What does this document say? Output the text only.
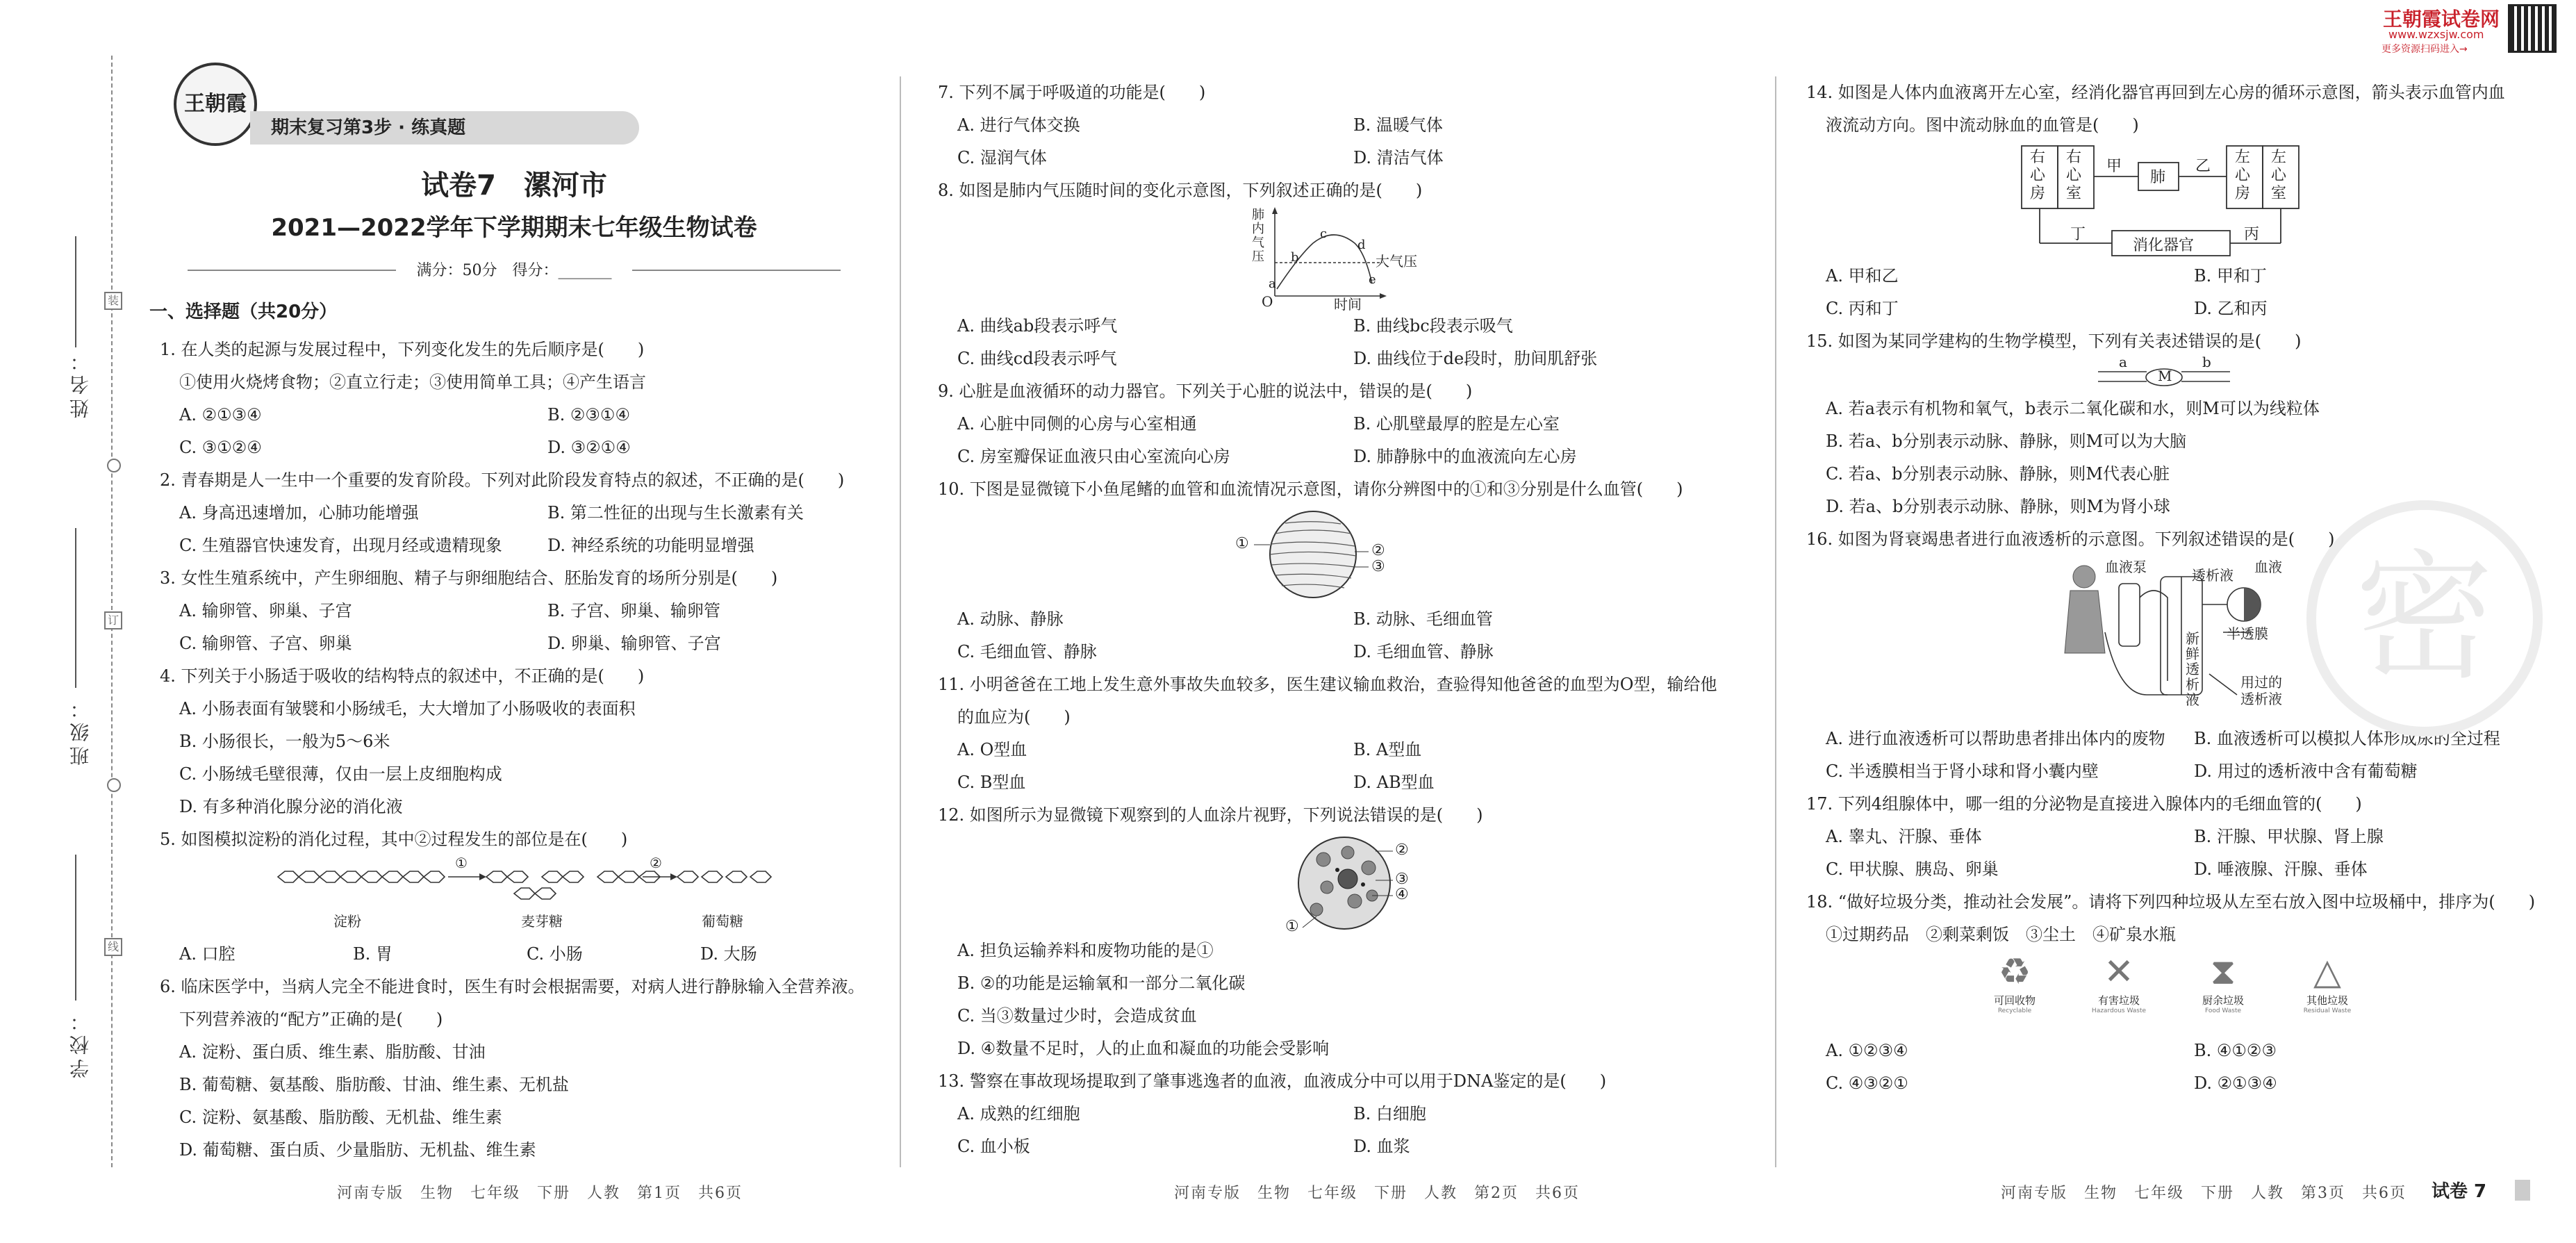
姓名：
班级：
学校：
装
订
线
王朝霞
期末复习第3步 · 练真题
试卷7　漯河市
2021—2022学年下学期期末七年级生物试卷
满分：50分　得分：_______
一、选择题（共20分）
1. 在人类的起源与发展过程中，下列变化发生的先后顺序是(　　)
①使用火烧烤食物；②直立行走；③使用简单工具；④产生语言
A. ②①③④	B. ②③①④
C. ③①②④	D. ③②①④
2. 青春期是人一生中一个重要的发育阶段。下列对此阶段发育特点的叙述，不正确的是(　　)
A. 身高迅速增加，心肺功能增强	B. 第二性征的出现与生长激素有关
C. 生殖器官快速发育，出现月经或遗精现象	D. 神经系统的功能明显增强
3. 女性生殖系统中，产生卵细胞、精子与卵细胞结合、胚胎发育的场所分别是(　　)
A. 输卵管、卵巢、子宫	B. 子宫、卵巢、输卵管
C. 输卵管、子宫、卵巢	D. 卵巢、输卵管、子宫
4. 下列关于小肠适于吸收的结构特点的叙述中，不正确的是(　　)
A. 小肠表面有皱襞和小肠绒毛，大大增加了小肠吸收的表面积
B. 小肠很长，一般为5～6米
C. 小肠绒毛壁很薄，仅由一层上皮细胞构成
D. 有多种消化腺分泌的消化液
5. 如图模拟淀粉的消化过程，其中②过程发生的部位是在(　　)
①	②
淀粉	麦芽糖	葡萄糖
A. 口腔	B. 胃	C. 小肠	D. 大肠
6. 临床医学中，当病人完全不能进食时，医生有时会根据需要，对病人进行静脉输入全营养液。
下列营养液的“配方”正确的是(　　)
A. 淀粉、蛋白质、维生素、脂肪酸、甘油
B. 葡萄糖、氨基酸、脂肪酸、甘油、维生素、无机盐
C. 淀粉、氨基酸、脂肪酸、无机盐、维生素
D. 葡萄糖、蛋白质、少量脂肪、无机盐、维生素
河南专版　生物　七年级　下册　人教　第1页　共6页
7. 下列不属于呼吸道的功能是(　　)
A. 进行气体交换	B. 温暖气体
C. 湿润气体	D. 清洁气体
8. 如图是肺内气压随时间的变化示意图，下列叙述正确的是(　　)
肺内气压	大气压
时间
O
a
b
c
d
e
A. 曲线ab段表示呼气	B. 曲线bc段表示吸气
C. 曲线cd段表示呼气	D. 曲线位于de段时，肋间肌舒张
9. 心脏是血液循环的动力器官。下列关于心脏的说法中，错误的是(　　)
A. 心脏中同侧的心房与心室相通	B. 心肌壁最厚的腔是左心室
C. 房室瓣保证血液只由心室流向心房	D. 肺静脉中的血液流向左心房
10. 下图是显微镜下小鱼尾鳍的血管和血流情况示意图，请你分辨图中的①和③分别是什么血管(　　)
①	②
③
A. 动脉、静脉	B. 动脉、毛细血管
C. 毛细血管、静脉	D. 毛细血管、静脉
11. 小明爸爸在工地上发生意外事故失血较多，医生建议输血救治，查验得知他爸爸的血型为O型，输给他
的血应为(　　)
A. O型血	B. A型血
C. B型血	D. AB型血
12. 如图所示为显微镜下观察到的人血涂片视野，下列说法错误的是(　　)
①
②
③
④
A. 担负运输养料和废物功能的是①
B. ②的功能是运输氧和一部分二氧化碳
C. 当③数量过少时，会造成贫血
D. ④数量不足时，人的止血和凝血的功能会受影响
13. 警察在事故现场提取到了肇事逃逸者的血液，血液成分中可以用于DNA鉴定的是(　　)
A. 成熟的红细胞	B. 白细胞
C. 血小板	D. 血浆
河南专版　生物　七年级　下册　人教　第2页　共6页
王朝霞试卷网
www.wzxsjw.com
更多资源扫码进入→
14. 如图是人体内血液离开左心室，经消化器官再回到左心房的循环示意图，箭头表示血管内血
液流动方向。图中流动脉血的血管是(　　)
右心房
右心室
甲
肺
乙
左心房
左心室
丁	丙
消化器官
A. 甲和乙	B. 甲和丁
C. 丙和丁	D. 乙和丙
15. 如图为某同学建构的生物学模型，下列有关表述错误的是(　　)
a	b
M
A. 若a表示有机物和氧气，b表示二氧化碳和水，则M可以为线粒体
B. 若a、b分别表示动脉、静脉，则M可以为大脑
C. 若a、b分别表示动脉、静脉，则M代表心脏
D. 若a、b分别表示动脉、静脉，则M为肾小球
16. 如图为肾衰竭患者进行血液透析的示意图。下列叙述错误的是(　　)
血液泵	透析液 血液
半透膜
新鲜透析液
用过的透析液
A. 进行血液透析可以帮助患者排出体内的废物	B. 血液透析可以模拟人体形成尿的全过程
C. 半透膜相当于肾小球和肾小囊内壁	D. 用过的透析液中含有葡萄糖
17. 下列4组腺体中，哪一组的分泌物是直接进入腺体内的毛细血管的(　　)
A. 睾丸、汗腺、垂体	B. 汗腺、甲状腺、肾上腺
C. 甲状腺、胰岛、卵巢	D. 唾液腺、汗腺、垂体
18. “做好垃圾分类，推动社会发展”。请将下列四种垃圾从左至右放入图中垃圾桶中，排序为(　　)
①过期药品　②剩菜剩饭　③尘土　④矿泉水瓶
♻
可回收物
Recyclable
✕
有害垃圾
Hazardous Waste
⧗
厨余垃圾
Food Waste
△
其他垃圾
Residual Waste
A. ①②③④	B. ④①②③
C. ④③②①	D. ②①③④
密
河南专版　生物　七年级　下册　人教　第3页　共6页 试卷 7
